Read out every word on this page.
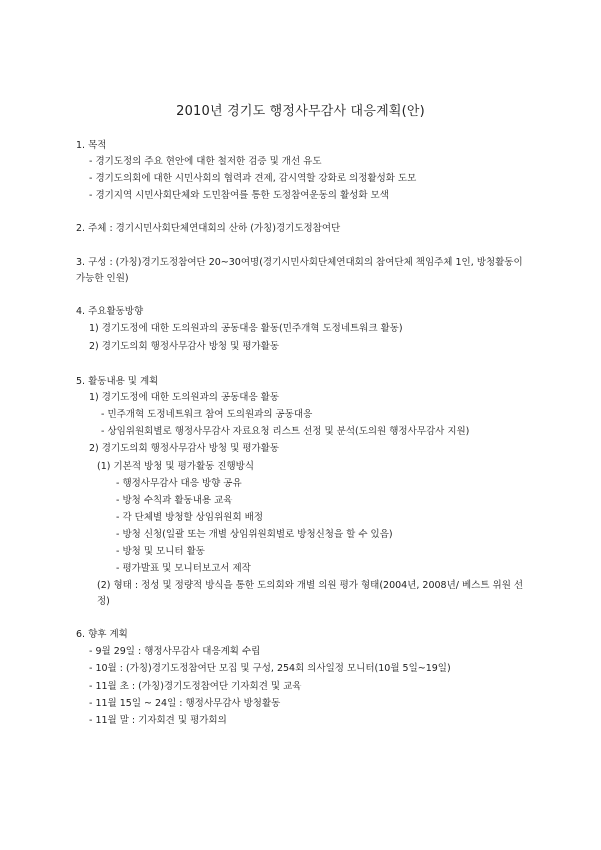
2010년 경기도 행정사무감사 대응계획(안)
1. 목적
- 경기도정의 주요 현안에 대한 철저한 검증 및 개선 유도
- 경기도의회에 대한 시민사회의 협력과 견제, 감시역할 강화로 의정활성화 도모
- 경기지역 시민사회단체와 도민참여를 통한 도정참여운동의 활성화 모색
2. 주체 : 경기시민사회단체연대회의 산하 (가칭)경기도정참여단
3. 구성 : (가칭)경기도정참여단 20~30여명(경기시민사회단체연대회의 참여단체 책임주체 1인, 방청활동이 가능한 인원)
4. 주요활동방향
1) 경기도정에 대한 도의원과의 공동대응 활동(민주개혁 도정네트워크 활동)
2) 경기도의회 행정사무감사 방청 및 평가활동
5. 활동내용 및 계획
1) 경기도정에 대한 도의원과의 공동대응 활동
- 민주개혁 도정네트워크 참여 도의원과의 공동대응
- 상임위원회별로 행정사무감사 자료요청 리스트 선정 및 분석(도의원 행정사무감사 지원)
2) 경기도의회 행정사무감사 방청 및 평가활동
(1) 기본적 방청 및 평가활동 진행방식
- 행정사무감사 대응 방향 공유
- 방청 수칙과 활동내용 교육
- 각 단체별 방청할 상임위원회 배정
- 방청 신청(일괄 또는 개별 상임위원회별로 방청신청을 할 수 있음)
- 방청 및 모니터 활동
- 평가발표 및 모니터보고서 제작
(2) 형태 : 정성 및 정량적 방식을 통한 도의회와 개별 의원 평가 형태(2004년, 2008년/ 베스트 위원 선정)
6. 향후 계획
- 9월 29일 : 행정사무감사 대응계획 수립
- 10월 : (가칭)경기도정참여단 모집 및 구성, 254회 의사일정 모니터(10월 5일~19일)
- 11월 초 : (가칭)경기도정참여단 기자회견 및 교육
- 11월 15일 ~ 24일 : 행정사무감사 방청활동
- 11월 말 : 기자회견 및 평가회의
